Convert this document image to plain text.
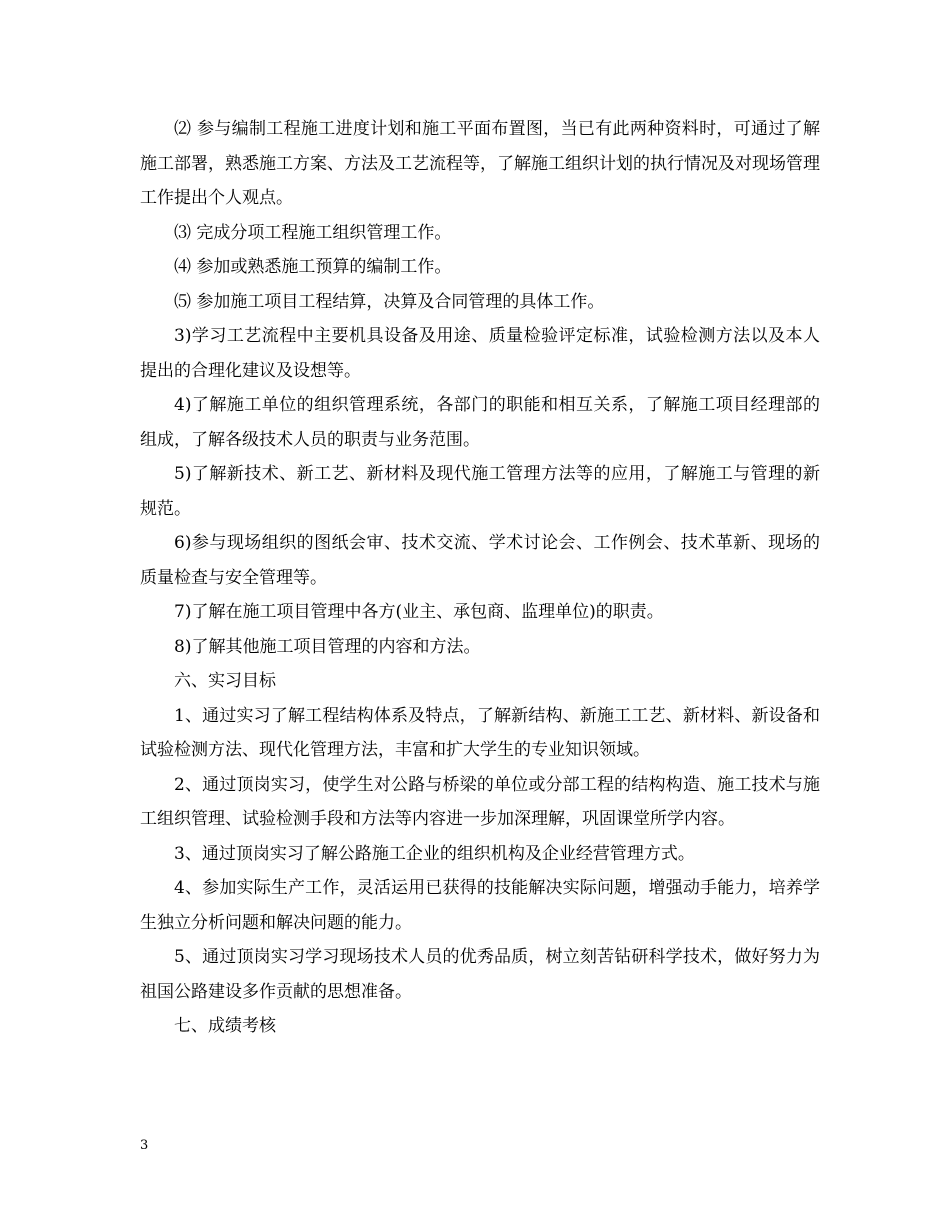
⑵ 参与编制工程施工进度计划和施工平面布置图，当已有此两种资料时，可通过了解施工部署，熟悉施工方案、方法及工艺流程等，了解施工组织计划的执行情况及对现场管理工作提出个人观点。

⑶ 完成分项工程施工组织管理工作。

⑷ 参加或熟悉施工预算的编制工作。

⑸ 参加施工项目工程结算，决算及合同管理的具体工作。

3)学习工艺流程中主要机具设备及用途、质量检验评定标准，试验检测方法以及本人提出的合理化建议及设想等。

4)了解施工单位的组织管理系统，各部门的职能和相互关系，了解施工项目经理部的组成，了解各级技术人员的职责与业务范围。

5)了解新技术、新工艺、新材料及现代施工管理方法等的应用，了解施工与管理的新规范。

6)参与现场组织的图纸会审、技术交流、学术讨论会、工作例会、技术革新、现场的质量检查与安全管理等。

7)了解在施工项目管理中各方(业主、承包商、监理单位)的职责。

8)了解其他施工项目管理的内容和方法。

六、实习目标

1、通过实习了解工程结构体系及特点，了解新结构、新施工工艺、新材料、新设备和试验检测方法、现代化管理方法，丰富和扩大学生的专业知识领域。

2、通过顶岗实习，使学生对公路与桥梁的单位或分部工程的结构构造、施工技术与施工组织管理、试验检测手段和方法等内容进一步加深理解，巩固课堂所学内容。

3、通过顶岗实习了解公路施工企业的组织机构及企业经营管理方式。

4、参加实际生产工作，灵活运用已获得的技能解决实际问题，增强动手能力，培养学生独立分析问题和解决问题的能力。

5、通过顶岗实习学习现场技术人员的优秀品质，树立刻苦钻研科学技术，做好努力为祖国公路建设多作贡献的思想准备。

七、成绩考核

3
